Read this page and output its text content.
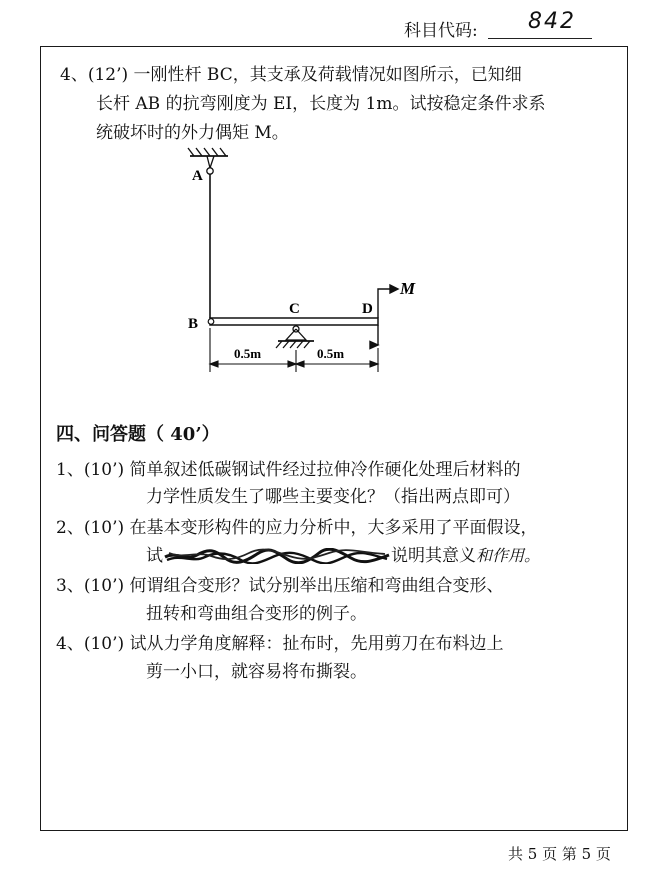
科目代码: 842
4、(12’) 一刚性杆 BC，其支承及荷载情况如图所示，已知细
长杆 AB 的抗弯刚度为 EI，长度为 1m。试按稳定条件求系
统破坏时的外力偶矩 M。
A
B
C	D
M
0.5m	0.5m
四、问答题（ 40’）
1、(10’) 简单叙述低碳钢试件经过拉伸冷作硬化处理后材料的
力学性质发生了哪些主要变化？（指出两点即可）
2、(10’) 在基本变形构件的应力分析中，大多采用了平面假设，
试	说明其意义和作用。
3、(10’) 何谓组合变形？试分别举出压缩和弯曲组合变形、
扭转和弯曲组合变形的例子。
4、(10’) 试从力学角度解释：扯布时，先用剪刀在布料边上
剪一小口，就容易将布撕裂。
共 5 页 第 5 页
